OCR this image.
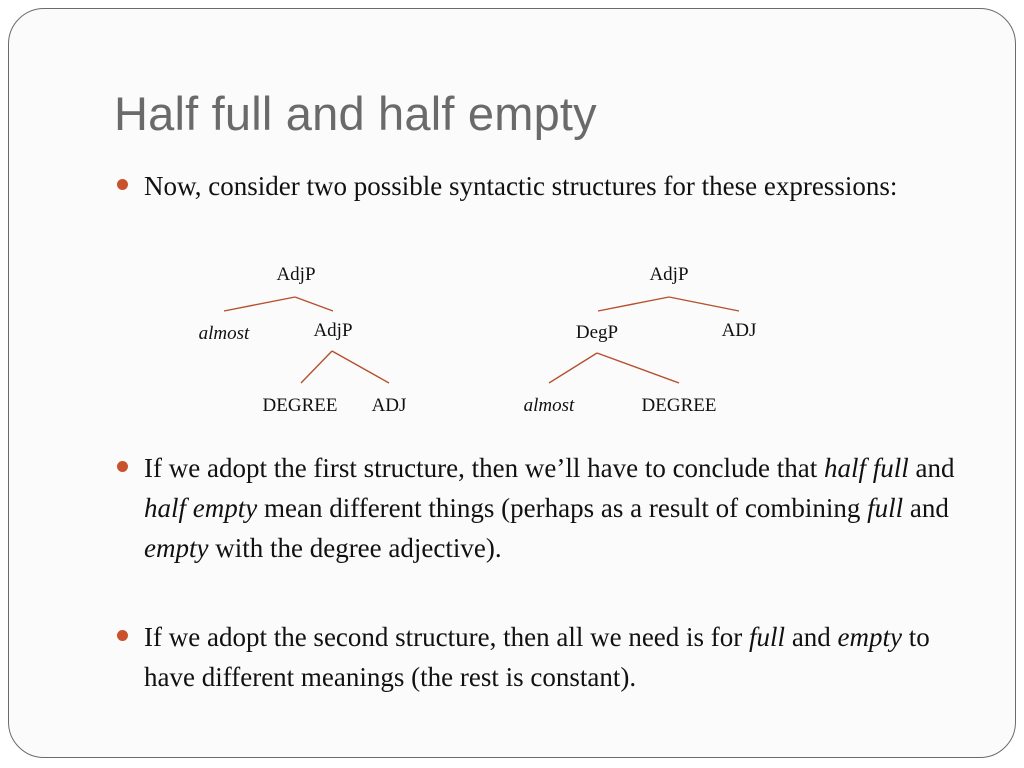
Half full and half empty
Now, consider two possible syntactic structures for these expressions:
AdjP
almost	AdjP
DEGREE ADJ
AdjP
DegP	ADJ
almost	DEGREE
If we adopt the first structure, then we’ll have to conclude that half full and half empty mean different things (perhaps as a result of combining full and empty with the degree adjective).
If we adopt the second structure, then all we need is for full and empty to have different meanings (the rest is constant).
